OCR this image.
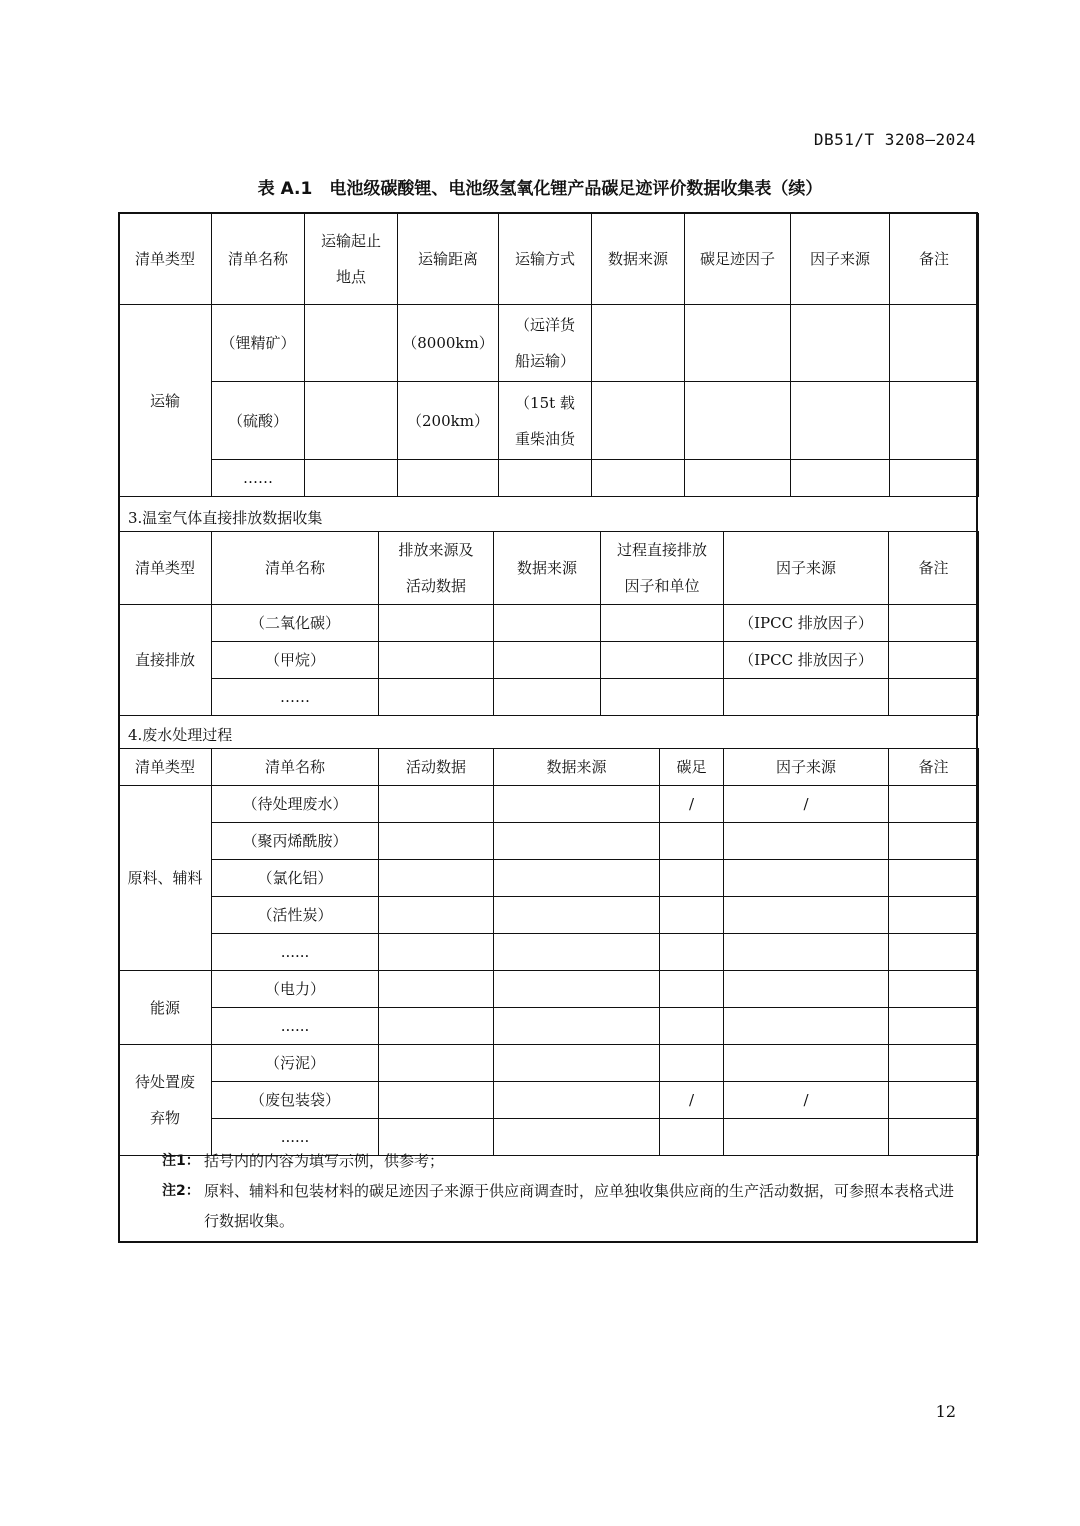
DB51/T 3208—2024
表 A.1　电池级碳酸锂、电池级氢氧化锂产品碳足迹评价数据收集表（续）
清单类型	清单名称	运输起止地点	运输距离	运输方式	数据来源	碳足迹因子	因子来源	备注
运输	（锂精矿）		（8000km）	（远洋货船运输）				

	（硫酸）		（200km）	（15t 载重柴油货				

	……							
3.温室气体直接排放数据收集
清单类型	清单名称	排放来源及活动数据	数据来源	过程直接排放因子和单位	因子来源	备注
直接排放	（二氧化碳）				（IPCC 排放因子）	
	（甲烷）				（IPCC 排放因子）	
	……					
4.废水处理过程
清单类型	清单名称	活动数据	数据来源	碳足	因子来源	备注
原料、辅料	（待处理废水）			/	/	
	（聚丙烯酰胺）					
	（氯化铝）					
	（活性炭）					
	......					
能源	（电力）					
	......					

待处置废弃物	（污泥）					
	（废包装袋）			/	/	
	......					
注1： 括号内的内容为填写示例，供参考；
注2： 原料、辅料和包装材料的碳足迹因子来源于供应商调查时，应单独收集供应商的生产活动数据，可参照本表格式进行数据收集。
12
